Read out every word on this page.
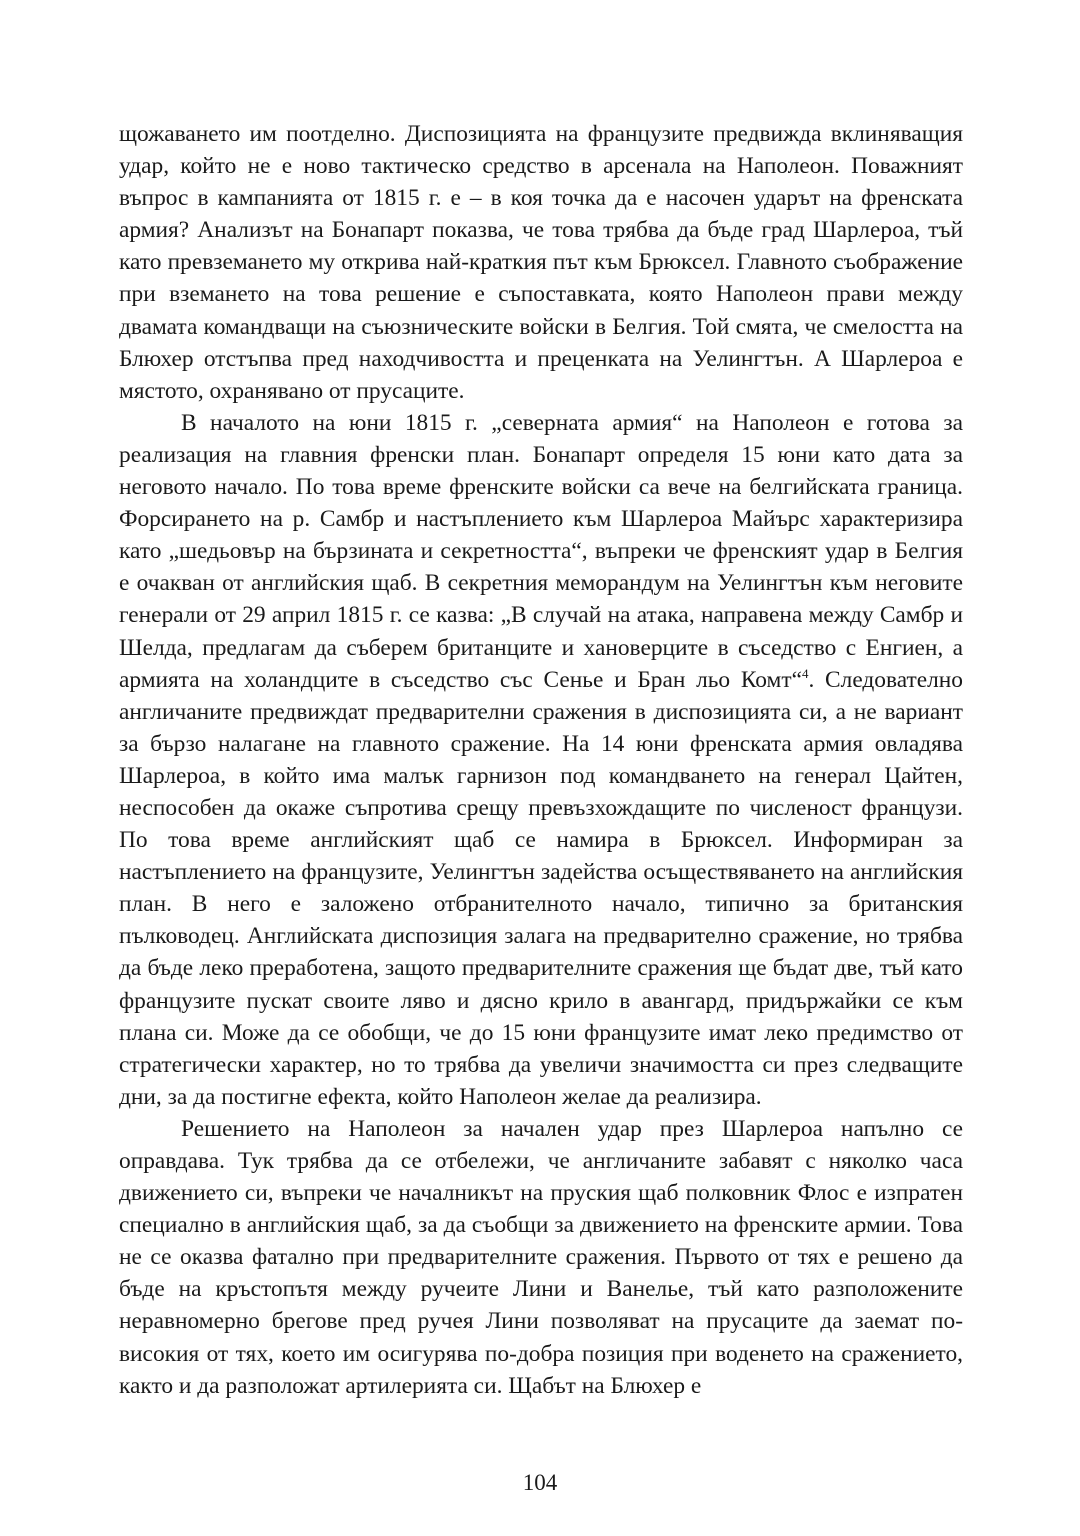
щожаването им поотделно. Диспозицията на французите предвижда вклиняващия удар, който не е ново тактическо средство в арсенала на Наполеон. Поважният въпрос в кампанията от 1815 г. е – в коя точка да е насочен ударът на френската армия? Анализът на Бонапарт показва, че това трябва да бъде град Шарлероа, тъй като превземането му открива най-краткия път към Брюксел. Главното съображение при вземането на това решение е съпоставката, която Наполеон прави между двамата командващи на съюзническите войски в Белгия. Той смята, че смелостта на Блюхер отстъпва пред находчивостта и преценката на Уелингтън. А Шарлероа е мястото, охранявано от прусаците.

В началото на юни 1815 г. „северната армия“ на Наполеон е готова за реализация на главния френски план. Бонапарт определя 15 юни като дата за неговото начало. По това време френските войски са вече на белгийската граница. Форсирането на р. Самбр и настъплението към Шарлероа Майърс характеризира като „шедьовър на бързината и секретността“, въпреки че френският удар в Белгия е очакван от английския щаб. В секретния меморандум на Уелингтън към неговите генерали от 29 април 1815 г. се казва: „В случай на атака, направена между Самбр и Шелда, предлагам да съберем британците и хановерците в съседство с Енгиен, а армията на холандците в съседство със Сенье и Бран льо Комт“$^4$. Следователно англичаните предвиждат предварителни сражения в диспозицията си, а не вариант за бързо налагане на главното сражение. На 14 юни френската армия овладява Шарлероа, в който има малък гарнизон под командването на генерал Цайтен, неспособен да окаже съпротива срещу превъзхождащите по численост французи. По това време английският щаб се намира в Брюксел. Информиран за настъплението на французите, Уелингтън задейства осъществяването на английския план. В него е заложено отбранителното начало, типично за британския пълководец. Английската диспозиция залага на предварително сражение, но трябва да бъде леко преработена, защото предварителните сражения ще бъдат две, тъй като французите пускат своите ляво и дясно крило в авангард, придържайки се към плана си. Може да се обобщи, че до 15 юни французите имат леко предимство от стратегически характер, но то трябва да увеличи значимостта си през следващите дни, за да постигне ефекта, който Наполеон желае да реализира.

Решението на Наполеон за начален удар през Шарлероа напълно се оправдава. Тук трябва да се отбележи, че англичаните забавят с няколко часа движението си, въпреки че началникът на пруския щаб полковник Флос е изпратен специално в английския щаб, за да съобщи за движението на френските армии. Това не се оказва фатално при предварителните сражения. Първото от тях е решено да бъде на кръстопътя между ручеите Лини и Ванелье, тъй като разположените неравномерно брегове пред ручея Лини позволяват на прусаците да заемат по-високия от тях, което им осигурява по-добра позиция при воденето на сражението, както и да разположат артилерията си. Щабът на Блюхер е

104
